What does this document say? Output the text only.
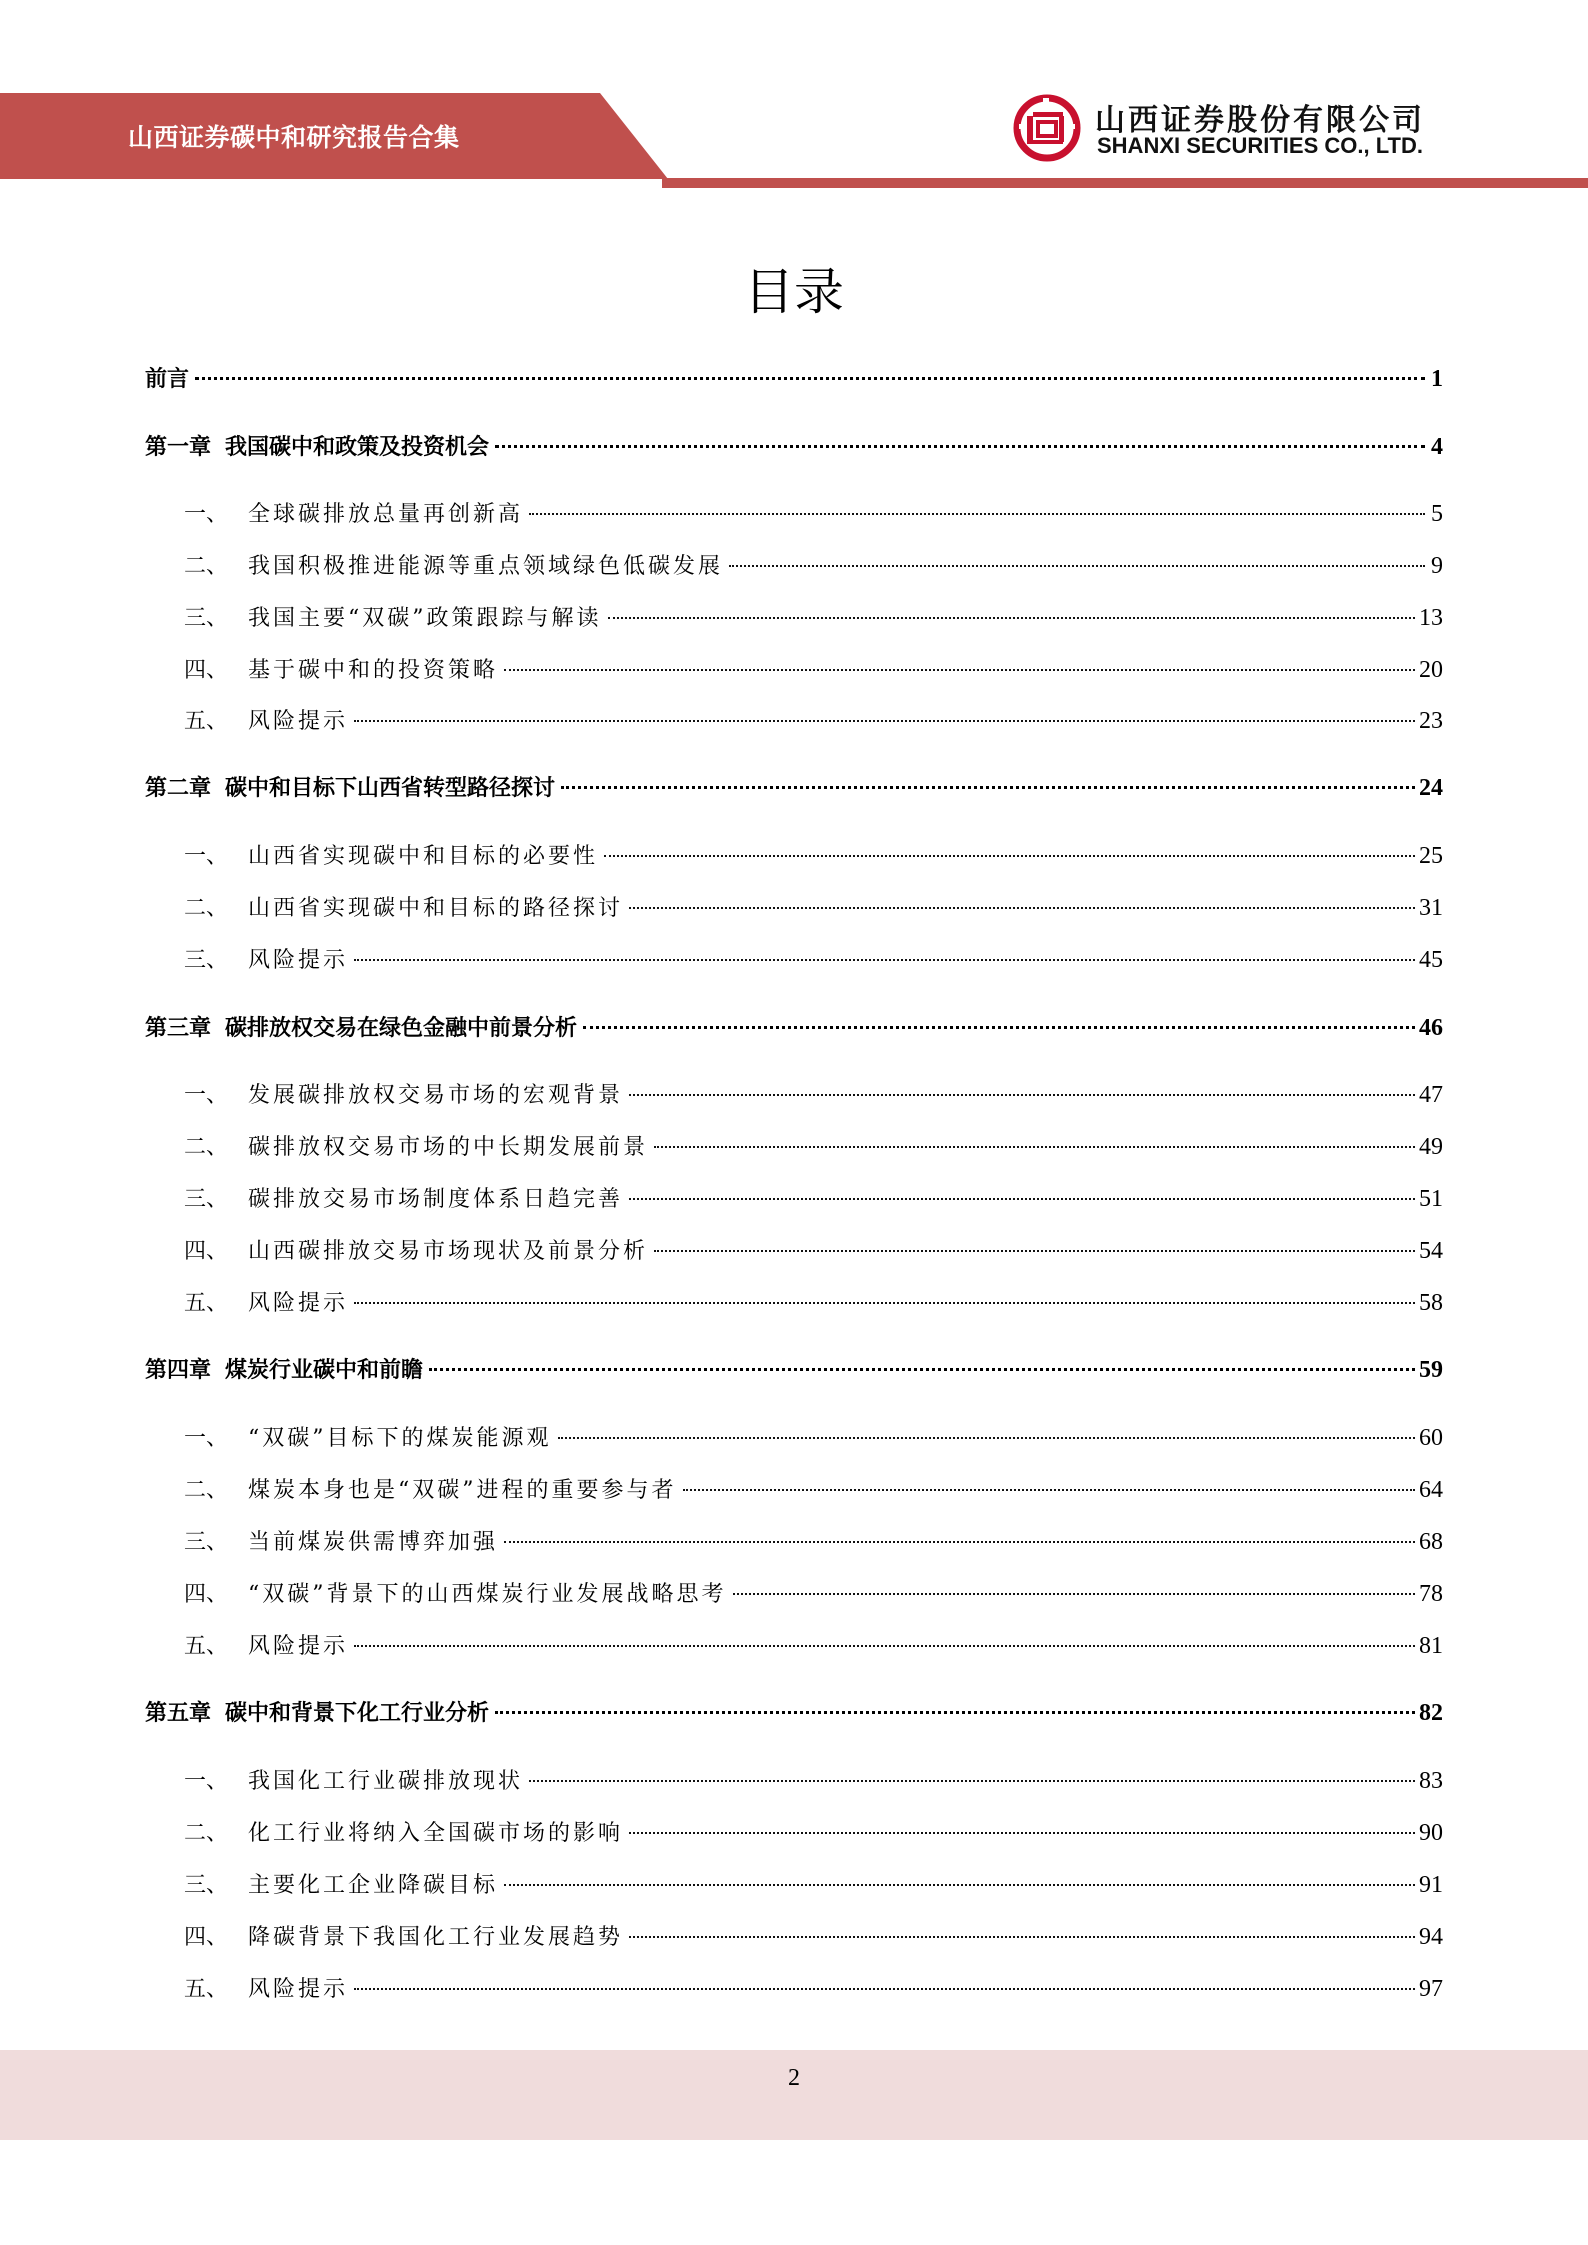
山西证券碳中和研究报告合集	山西证券股份有限公司
SHANXI SECURITIES CO., LTD.
目录
前言	1
第一章 我国碳中和政策及投资机会	4
一、 全球碳排放总量再创新高	5
二、 我国积极推进能源等重点领域绿色低碳发展	9
三、 我国主要“双碳”政策跟踪与解读	13
四、 基于碳中和的投资策略	20
五、 风险提示	23
第二章 碳中和目标下山西省转型路径探讨	24
一、 山西省实现碳中和目标的必要性	25
二、 山西省实现碳中和目标的路径探讨	31
三、 风险提示	45
第三章 碳排放权交易在绿色金融中前景分析	46
一、 发展碳排放权交易市场的宏观背景	47
二、 碳排放权交易市场的中长期发展前景	49
三、 碳排放交易市场制度体系日趋完善	51
四、 山西碳排放交易市场现状及前景分析	54
五、 风险提示	58
第四章 煤炭行业碳中和前瞻	59
一、 “双碳”目标下的煤炭能源观	60
二、 煤炭本身也是“双碳”进程的重要参与者	64
三、 当前煤炭供需博弈加强	68
四、 “双碳”背景下的山西煤炭行业发展战略思考	78
五、 风险提示	81
第五章 碳中和背景下化工行业分析	82
一、 我国化工行业碳排放现状	83
二、 化工行业将纳入全国碳市场的影响	90
三、 主要化工企业降碳目标	91
四、 降碳背景下我国化工行业发展趋势	94
五、 风险提示	97
2
